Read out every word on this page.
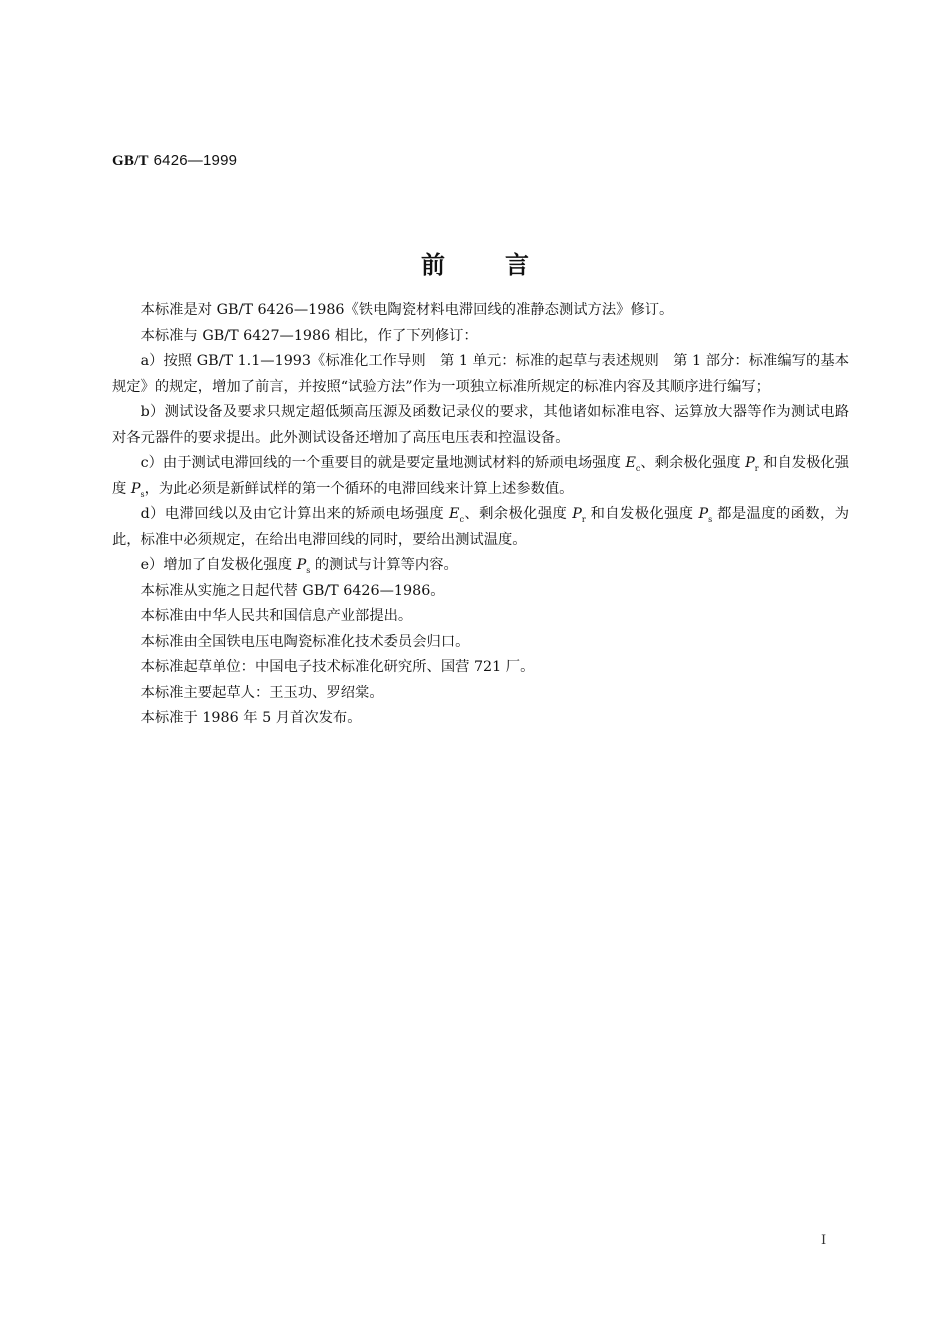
GB/T 6426—1999
前言

本标准是对 GB/T 6426—1986《铁电陶瓷材料电滞回线的准静态测试方法》修订。

本标准与 GB/T 6427—1986 相比，作了下列修订：

a）按照 GB/T 1.1—1993《标准化工作导则　第 1 单元：标准的起草与表述规则　第 1 部分：标准编写的基本规定》的规定，增加了前言，并按照“试验方法”作为一项独立标准所规定的标准内容及其顺序进行编写；

b）测试设备及要求只规定超低频高压源及函数记录仪的要求，其他诸如标准电容、运算放大器等作为测试电路对各元器件的要求提出。此外测试设备还增加了高压电压表和控温设备。

c）由于测试电滞回线的一个重要目的就是要定量地测试材料的矫顽电场强度 $E_c$、剩余极化强度 $P_r$ 和自发极化强度 $P_s$，为此必须是新鲜试样的第一个循环的电滞回线来计算上述参数值。

d）电滞回线以及由它计算出来的矫顽电场强度 $E_c$、剩余极化强度 $P_r$ 和自发极化强度 $P_s$ 都是温度的函数，为此，标准中必须规定，在给出电滞回线的同时，要给出测试温度。

e）增加了自发极化强度 $P_s$ 的测试与计算等内容。

本标准从实施之日起代替 GB/T 6426—1986。

本标准由中华人民共和国信息产业部提出。

本标准由全国铁电压电陶瓷标准化技术委员会归口。

本标准起草单位：中国电子技术标准化研究所、国营 721 厂。

本标准主要起草人：王玉功、罗绍棠。

本标准于 1986 年 5 月首次发布。

I
